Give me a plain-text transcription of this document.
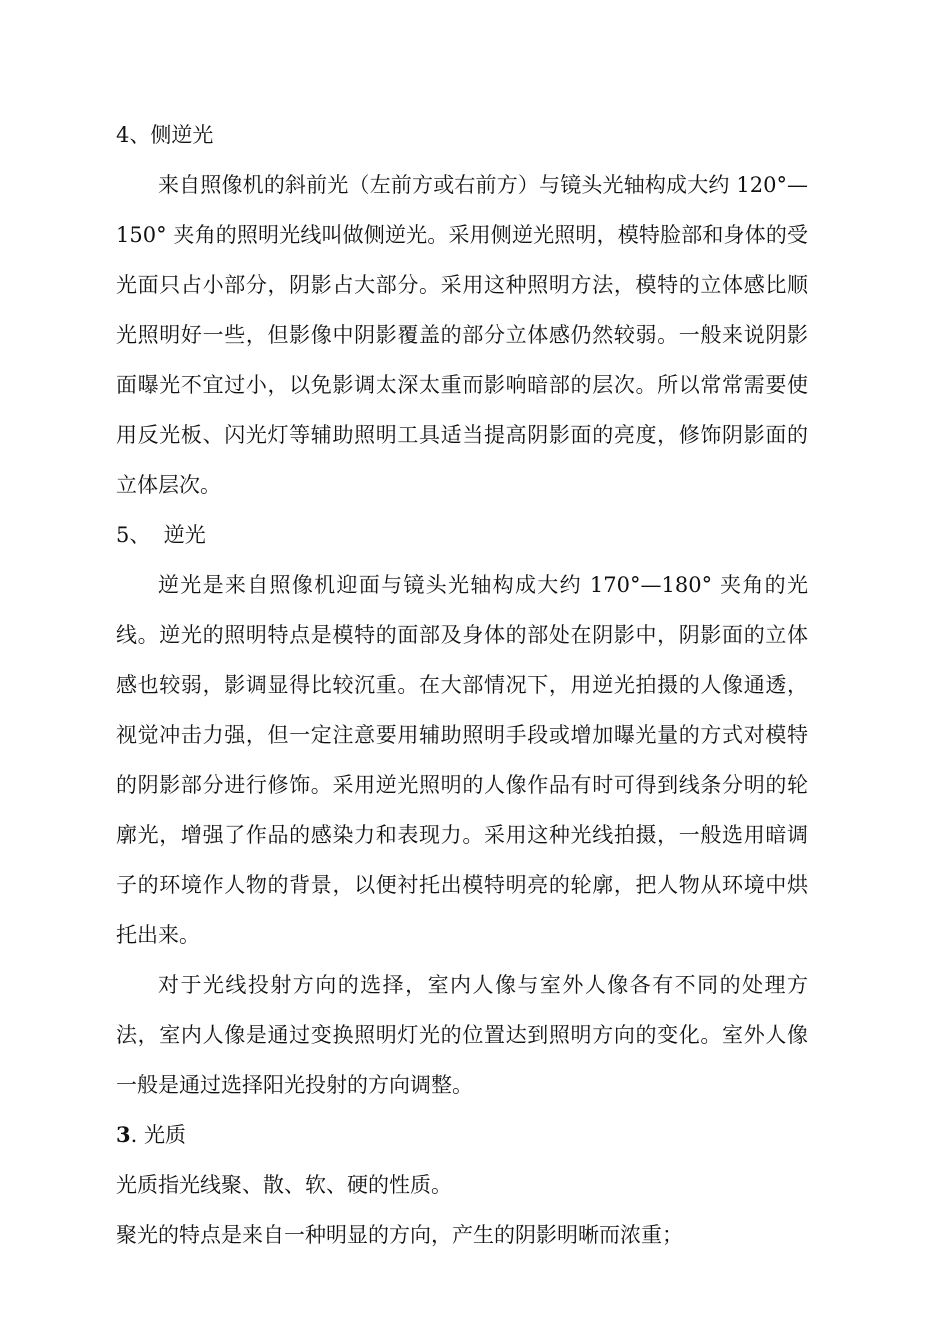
4、侧逆光

来自照像机的斜前光（左前方或右前方）与镜头光轴构成大约 120°—150° 夹角的照明光线叫做侧逆光。采用侧逆光照明，模特脸部和身体的受光面只占小部分，阴影占大部分。采用这种照明方法，模特的立体感比顺光照明好一些，但影像中阴影覆盖的部分立体感仍然较弱。一般来说阴影面曝光不宜过小，以免影调太深太重而影响暗部的层次。所以常常需要使用反光板、闪光灯等辅助照明工具适当提高阴影面的亮度，修饰阴影面的立体层次。

5、  逆光

逆光是来自照像机迎面与镜头光轴构成大约 170°—180° 夹角的光线。逆光的照明特点是模特的面部及身体的部处在阴影中，阴影面的立体感也较弱，影调显得比较沉重。在大部情况下，用逆光拍摄的人像通透，视觉冲击力强，但一定注意要用辅助照明手段或增加曝光量的方式对模特的阴影部分进行修饰。采用逆光照明的人像作品有时可得到线条分明的轮廓光，增强了作品的感染力和表现力。采用这种光线拍摄，一般选用暗调子的环境作人物的背景，以便衬托出模特明亮的轮廓，把人物从环境中烘托出来。

对于光线投射方向的选择，室内人像与室外人像各有不同的处理方法，室内人像是通过变换照明灯光的位置达到照明方向的变化。室外人像一般是通过选择阳光投射的方向调整。

3. 光质

光质指光线聚、散、软、硬的性质。

聚光的特点是来自一种明显的方向，产生的阴影明晰而浓重；
